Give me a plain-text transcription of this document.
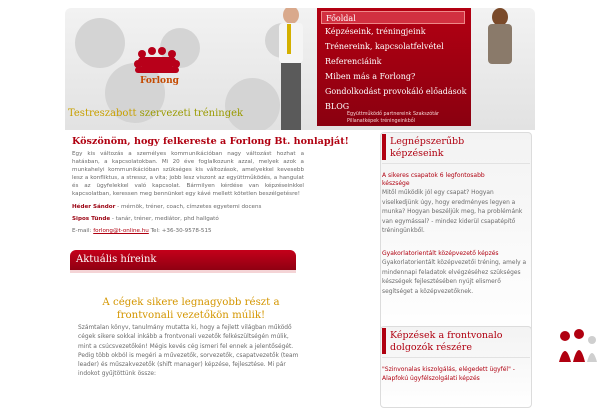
Forlong
Testreszabott szervezeti tréningek
Főoldal
Képzéseink, tréningjeink
Trénereink, kapcsolatfelvétel
Referenciáink
Miben más a Forlong?
Gondolkodást provokáló előadások
BLOG
Együttműködő partnereink Szakszótár
Pillanatképek tréningeinkből
Köszönöm, hogy felkereste a Forlong Bt. honlapját!
Egy kis változás a személyes kommunikációban nagy változást hozhat a hatásban, a kapcsolatokban. Mi 20 éve foglalkozunk azzal, melyek azok a munkahelyi kommunikációban szükséges kis változások, amelyekkel kevesebb lesz a konfliktus, a stressz, a vita; jobb lesz viszont az együttműködés, a hangulat és az ügyfelekkel való kapcsolat. Bármilyen kérdése van képzéseinkkel kapcsolatban, keressen meg bennünket egy kávé mellett kötetlen beszélgetésre!
Héder Sándor - mérnök, tréner, coach, címzetes egyetemi docens
Sipos Tünde - tanár, tréner, mediátor, phd hallgató
E-mail: forlong@t-online.hu Tel: +36-30-9578-515
Aktuális híreink
A cégek sikere legnagyobb részt a frontvonali vezetőkön múlik!
Számtalan könyv, tanulmány mutatta ki, hogy a fejlett világban működő cégek sikere sokkal inkább a frontvonali vezetők felkészültségén múlik, mint a csúcsvezetőkén! Mégis kevés cég ismeri fel ennek a jelentőségét. Pedig több okból is megéri a művezetők, sorvezetők, csapatvezetők (team leader) és műszakvezetők (shift manager) képzése, fejlesztése. Mi pár indokot gyűjtöttünk össze:
Legnépszerűbb képzéseink
A sikeres csapatok 6 legfontosabb
készsége
Mitől működik jól egy csapat? Hogyan viselkedjünk úgy, hogy eredményes legyen a munka? Hogyan beszéljük meg, ha problémánk van egymással? - mindez kiderül csapatépítő tréningünkből.
Gyakorlatorientált középvezető képzés
Gyakorlatorientált középvezetői tréning, amely a mindennapi feladatok elvégzéséhez szükséges készségek fejlesztésében nyújt elismerő segítséget a középvezetőknek.
Képzések a frontvonalo
dolgozók részére
"Szinvonalas kiszolgálás, elégedett ügyfél" -
Alapfokú ügyfélszolgálati képzés
